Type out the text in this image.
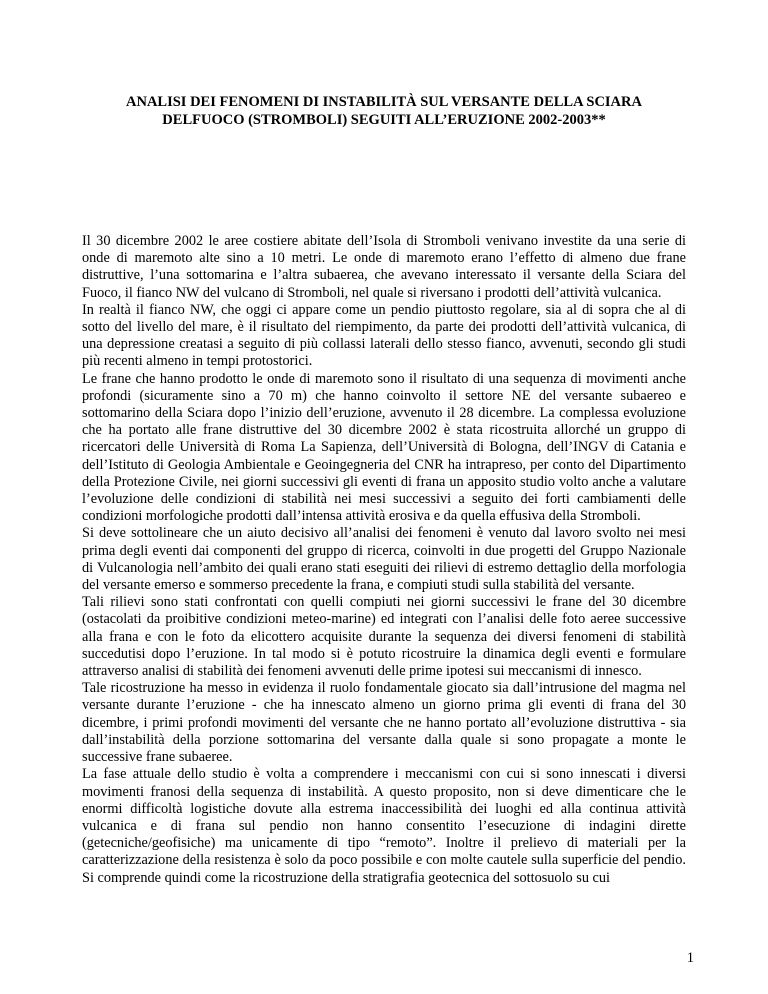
ANALISI DEI FENOMENI DI INSTABILITÀ SUL VERSANTE DELLA SCIARA
DELFUOCO (STROMBOLI) SEGUITI ALL’ERUZIONE 2002-2003**

Il 30 dicembre 2002 le aree costiere abitate dell’Isola di Stromboli venivano investite da una serie di onde di maremoto alte sino a 10 metri. Le onde di maremoto erano l’effetto di almeno due frane distruttive, l’una sottomarina e l’altra subaerea, che avevano interessato il versante della Sciara del Fuoco, il fianco NW del vulcano di Stromboli, nel quale si riversano i prodotti dell’attività vulcanica.

In realtà il fianco NW, che oggi ci appare come un pendio piuttosto regolare, sia al di sopra che al di sotto del livello del mare, è il risultato del riempimento, da parte dei prodotti dell’attività vulcanica, di una depressione creatasi a seguito di più collassi laterali dello stesso fianco, avvenuti, secondo gli studi più recenti almeno in tempi protostorici.

Le frane che hanno prodotto le onde di maremoto sono il risultato di una sequenza di movimenti anche profondi (sicuramente sino a 70 m) che hanno coinvolto il settore NE del versante subaereo e sottomarino della Sciara dopo l’inizio dell’eruzione, avvenuto il 28 dicembre. La complessa evoluzione che ha portato alle frane distruttive del 30 dicembre 2002 è stata ricostruita allorché un gruppo di ricercatori delle Università di Roma La Sapienza, dell’Università di Bologna, dell’INGV di Catania e dell’Istituto di Geologia Ambientale e Geoingegneria del CNR ha intrapreso, per conto del Dipartimento della Protezione Civile, nei giorni successivi gli eventi di frana un apposito studio volto anche a valutare l’evoluzione delle condizioni di stabilità nei mesi successivi a seguito dei forti cambiamenti delle condizioni morfologiche prodotti dall’intensa attività erosiva e da quella effusiva della Stromboli.

Si deve sottolineare che un aiuto decisivo all’analisi dei fenomeni è venuto dal lavoro svolto nei mesi prima degli eventi dai componenti del gruppo di ricerca, coinvolti in due progetti del Gruppo Nazionale di Vulcanologia nell’ambito dei quali erano stati eseguiti dei rilievi di estremo dettaglio della morfologia del versante emerso e sommerso precedente la frana, e compiuti studi sulla stabilità del versante.

Tali rilievi sono stati confrontati con quelli compiuti nei giorni successivi le frane del 30 dicembre (ostacolati da proibitive condizioni meteo-marine) ed integrati con l’analisi delle foto aeree successive alla frana e con le foto da elicottero acquisite durante la sequenza dei diversi fenomeni di stabilità succedutisi dopo l’eruzione. In tal modo si è potuto ricostruire la dinamica degli eventi e formulare attraverso analisi di stabilità dei fenomeni avvenuti delle prime ipotesi sui meccanismi di innesco.

Tale ricostruzione ha messo in evidenza il ruolo fondamentale giocato sia dall’intrusione del magma nel versante durante l’eruzione - che ha innescato almeno un giorno prima gli eventi di frana del 30 dicembre, i primi profondi movimenti del versante che ne hanno portato all’evoluzione distruttiva - sia dall’instabilità della porzione sottomarina del versante dalla quale si sono propagate a monte le successive frane subaeree.

La fase attuale dello studio è volta a comprendere i meccanismi con cui si sono innescati i diversi movimenti franosi della sequenza di instabilità. A questo proposito, non si deve dimenticare che le enormi difficoltà logistiche dovute alla estrema inaccessibilità dei luoghi ed alla continua attività vulcanica e di frana sul pendio non hanno consentito l’esecuzione di indagini dirette (getecniche/geofisiche) ma unicamente di tipo “remoto”. Inoltre il prelievo di materiali per la caratterizzazione della resistenza è solo da poco possibile e con molte cautele sulla superficie del pendio. Si comprende quindi come la ricostruzione della stratigrafia geotecnica del sottosuolo su cui

1
